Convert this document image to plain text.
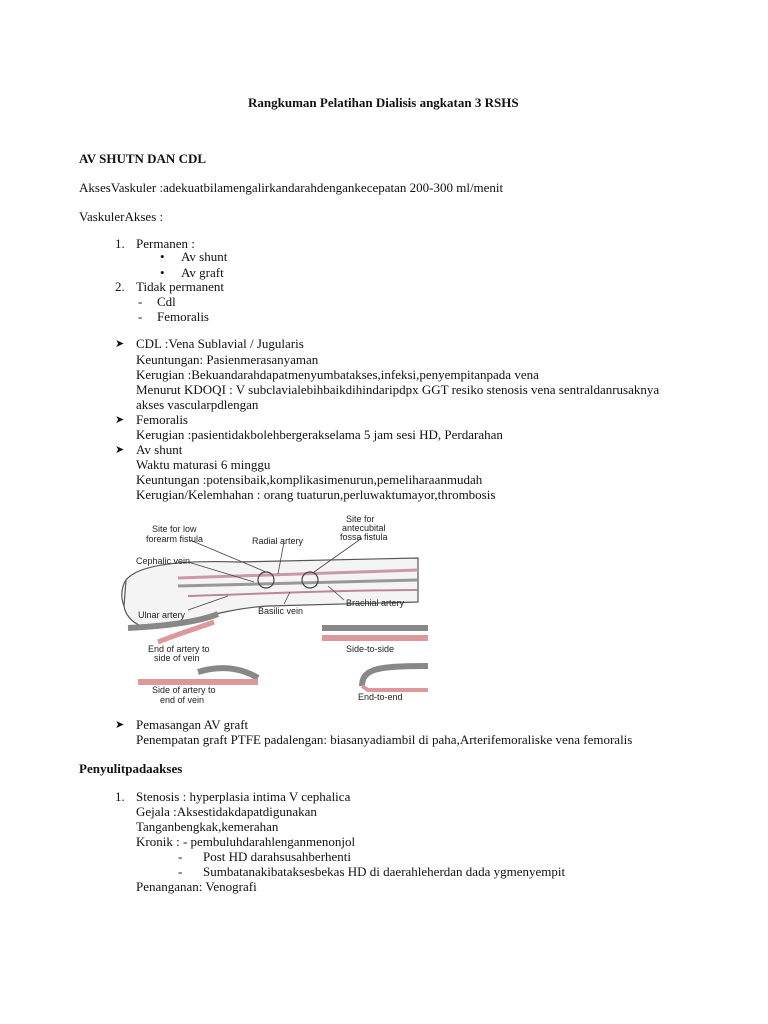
Rangkuman Pelatihan Dialisis angkatan 3 RSHS
AV SHUTN DAN CDL
AksesVaskuler :adekuatbilamengalirkandarahdengankecepatan 200-300 ml/menit
VaskulerAkses :
1. Permanen :
• Av shunt
• Av graft
2. Tidak permanent
- Cdl
- Femoralis
➤ CDL :Vena Sublavial / Jugularis
Keuntungan: Pasienmerasanyaman
Kerugian :Bekuandarahdapatmenyumbatakses,infeksi,penyempitanpada vena
Menurut KDOQI : V subclavialebihbaikdihindaripdpx GGT resiko stenosis vena sentraldanrusaknya
akses vascularpdlengan
➤ Femoralis
Kerugian :pasientidakbolehbergerakselama 5 jam sesi HD, Perdarahan
➤ Av shunt
Waktu maturasi 6 minggu
Keuntungan :potensibaik,komplikasimenurun,pemeliharaanmudah
Kerugian/Kelemhahan : orang tuaturun,perluwaktumayor,thrombosis
Site for low
forearm fistula	Radial artery
Site for
antecubital
fossa fistula
Cephalic vein
Ulnar artery	Basilic vein
Brachial artery
End of artery to
side of vein
Side-to-side
Side of artery to
end of vein	End-to-end
➤ Pemasangan AV graft
Penempatan graft PTFE padalengan: biasanyadiambil di paha,Arterifemoraliske vena femoralis
Penyulitpadaakses
1. Stenosis : hyperplasia intima V cephalica
Gejala :Aksestidakdapatdigunakan
Tanganbengkak,kemerahan
Kronik : - pembuluhdarahlenganmenonjol
- Post HD darahsusahberhenti
- Sumbatanakibataksesbekas HD di daerahleherdan dada ygmenyempit
Penanganan: Venografi
